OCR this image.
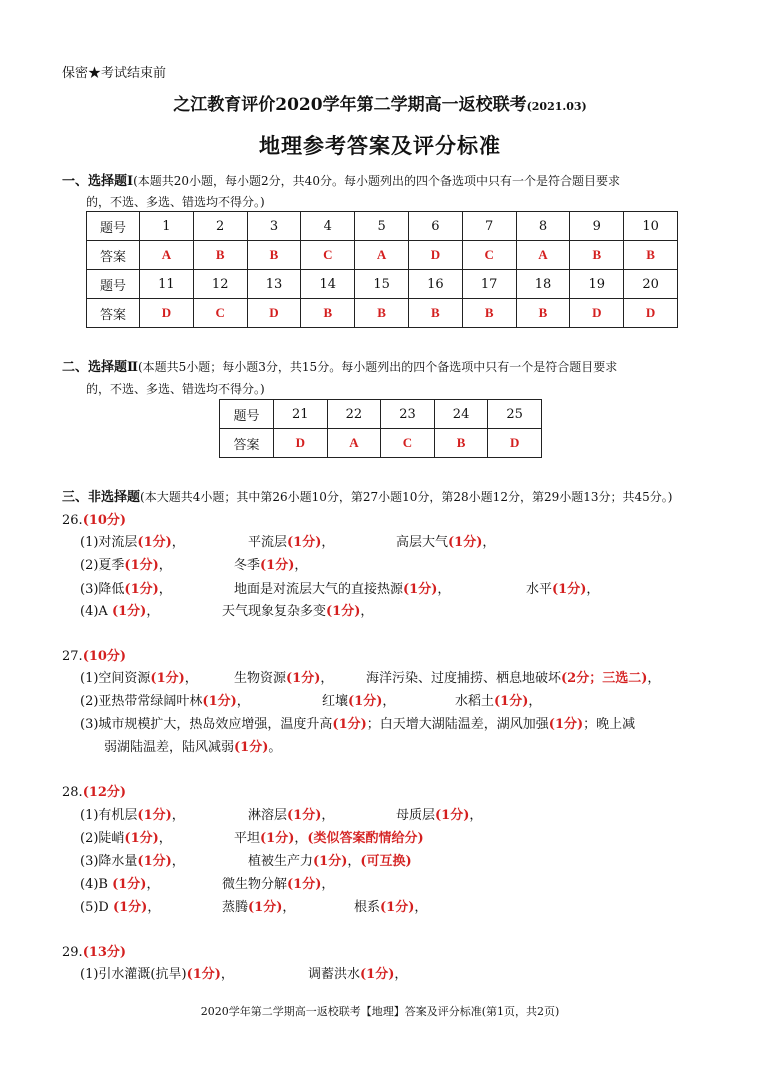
保密★考试结束前
之江教育评价2020学年第二学期高一返校联考(2021.03)
地理参考答案及评分标准
一、选择题Ⅰ(本题共20小题，每小题2分，共40分。每小题列出的四个备选项中只有一个是符合题目要求
的，不选、多选、错选均不得分。)
题号	1	2	3	4	5	6	7	8	9	10
答案	A	B	B	C	A	D	C	A	B	B
题号	11	12	13	14	15	16	17	18	19	20
答案	D	C	D	B	B	B	B	B	D	D
二、选择题Ⅱ(本题共5小题；每小题3分，共15分。每小题列出的四个备选项中只有一个是符合题目要求
的，不选、多选、错选均不得分。)
题号	21	22	23	24	25
答案	D	A	C	B	D
三、非选择题(本大题共4小题；其中第26小题10分，第27小题10分，第28小题12分，第29小题13分；共45分。)
26.(10分)
(1)对流层(1分)，	平流层(1分)，	高层大气(1分)，
(2)夏季(1分)，	冬季(1分)，
(3)降低(1分)，	地面是对流层大气的直接热源(1分)，	水平(1分)，
(4)A (1分)，	天气现象复杂多变(1分)，
27.(10分)
(1)空间资源(1分)，	生物资源(1分)，	海洋污染、过度捕捞、栖息地破坏(2分；三选二)，
(2)亚热带常绿阔叶林(1分)，	红壤(1分)，	水稻土(1分)，
(3)城市规模扩大，热岛效应增强，温度升高(1分)；白天增大湖陆温差，湖风加强(1分)；晚上减
弱湖陆温差，陆风减弱(1分)。
28.(12分)
(1)有机层(1分)，	淋溶层(1分)，	母质层(1分)，
(2)陡峭(1分)，	平坦(1分)，(类似答案酌情给分)
(3)降水量(1分)，	植被生产力(1分)，(可互换)
(4)B (1分)，	微生物分解(1分)，
(5)D (1分)，	蒸腾(1分)，	根系(1分)，
29.(13分)
(1)引水灌溉(抗旱)(1分)，	调蓄洪水(1分)，
2020学年第二学期高一返校联考【地理】答案及评分标准(第1页，共2页)
